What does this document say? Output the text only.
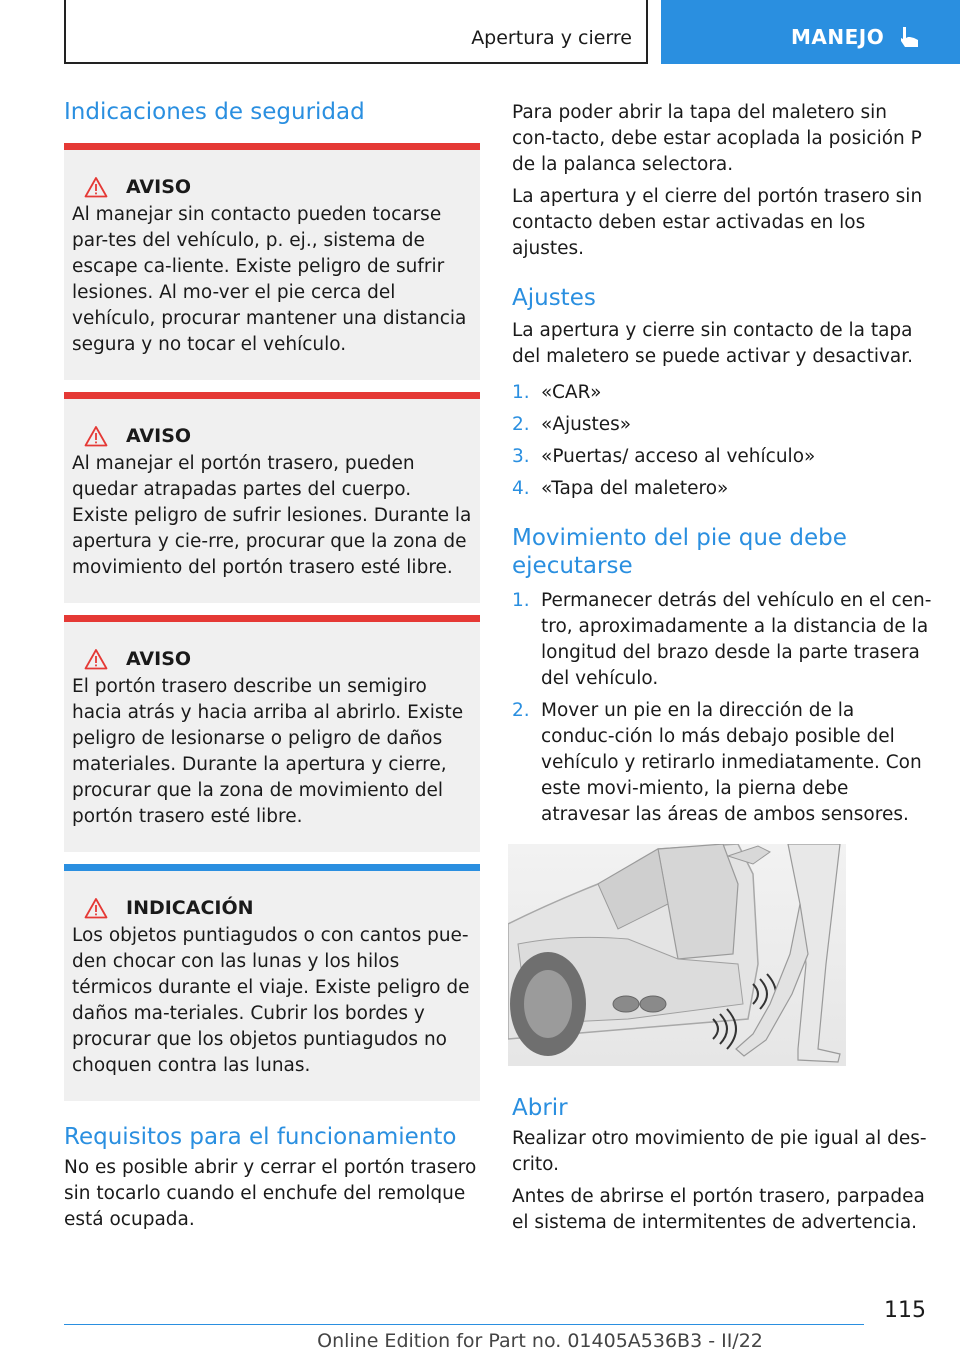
Apertura y cierre	MANEJO
Indicaciones de seguridad
AVISO

Al manejar sin contacto pueden tocarse par-tes del vehículo, p. ej., sistema de escape ca-liente. Existe peligro de sufrir lesiones. Al mo-ver el pie cerca del vehículo, procurar mantener una distancia segura y no tocar el vehículo.

AVISO

Al manejar el portón trasero, pueden quedar atrapadas partes del cuerpo. Existe peligro de sufrir lesiones. Durante la apertura y cie-rre, procurar que la zona de movimiento del portón trasero esté libre.

AVISO

El portón trasero describe un semigiro hacia atrás y hacia arriba al abrirlo. Existe peligro de lesionarse o peligro de daños materiales. Durante la apertura y cierre, procurar que la zona de movimiento del portón trasero esté libre.

INDICACIÓN

Los objetos puntiagudos o con cantos pue-den chocar con las lunas y los hilos térmicos durante el viaje. Existe peligro de daños ma-teriales. Cubrir los bordes y procurar que los objetos puntiagudos no choquen contra las lunas.

Requisitos para el funcionamiento

No es posible abrir y cerrar el portón trasero sin tocarlo cuando el enchufe del remolque está ocupada.

Para poder abrir la tapa del maletero sin con-tacto, debe estar acoplada la posición P de la palanca selectora.

La apertura y el cierre del portón trasero sin contacto deben estar activadas en los ajustes.

Ajustes

La apertura y cierre sin contacto de la tapa del maletero se puede activar y desactivar.

1. «CAR»
2. «Ajustes»
3. «Puertas/ acceso al vehículo»
4. «Tapa del maletero»
Movimiento del pie que debe ejecutarse
1. Permanecer detrás del vehículo en el cen-tro, aproximadamente a la distancia de la longitud del brazo desde la parte trasera del vehículo.
2. Mover un pie en la dirección de la conduc-ción lo más debajo posible del vehículo y retirarlo inmediatamente. Con este movi-miento, la pierna debe atravesar las áreas de ambos sensores.
Abrir

Realizar otro movimiento de pie igual al des-crito.

Antes de abrirse el portón trasero, parpadea el sistema de intermitentes de advertencia.

115
Online Edition for Part no. 01405A536B3 - II/22
